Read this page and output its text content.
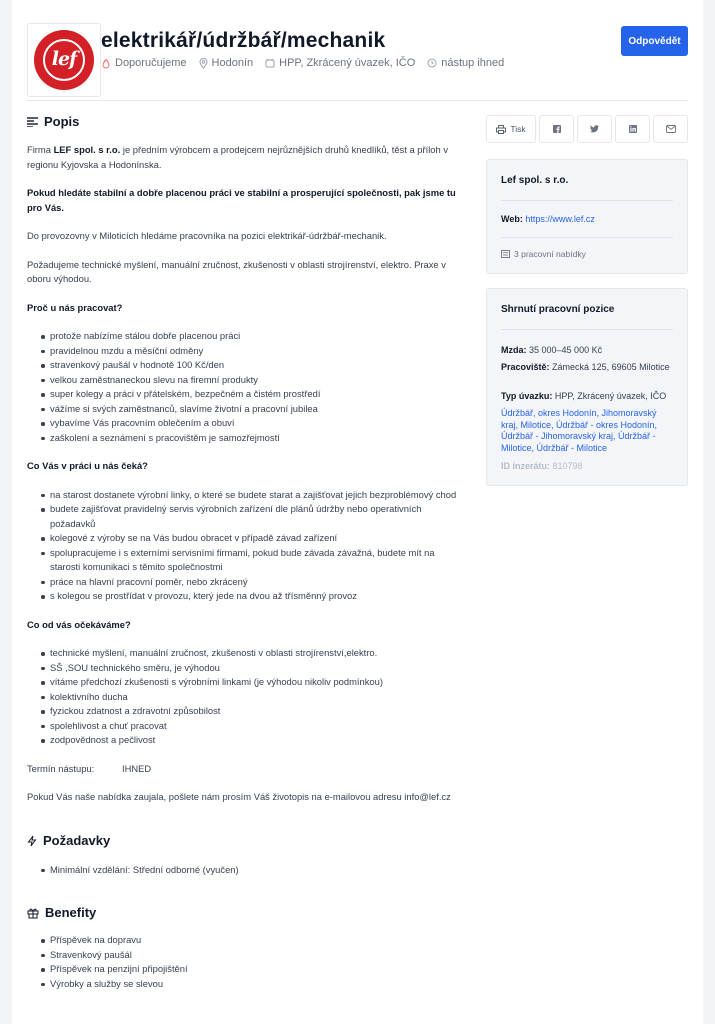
lef
elektrikář/údržbář/mechanik
Doporučujeme Hodonín HPP, Zkrácený úvazek, IČO nástup ihned
Odpovědět
Popis

Firma LEF spol. s r.o. je předním výrobcem a prodejcem nejrůznějších druhů knedlíků, těst a příloh v regionu Kyjovska a Hodonínska.

Pokud hledáte stabilní a dobře placenou práci ve stabilní a prosperující společnosti, pak jsme tu pro Vás.

Do provozovny v Miloticích hledáme pracovníka na pozici elektrikář-údržbář-mechanik.

Požadujeme technické myšlení, manuální zručnost, zkušenosti v oblasti strojírenství, elektro. Praxe v oboru výhodou.

Proč u nás pracovat?

protože nabízíme stálou dobře placenou práci
pravidelnou mzdu a měsíční odměny
stravenkový paušál v hodnotě 100 Kč/den
velkou zaměstnaneckou slevu na firemní produkty
super kolegy a práci v přátelském, bezpečném a čistém prostředí
vážíme si svých zaměstnanců, slavíme životní a pracovní jubilea
vybavíme Vás pracovním oblečením a obuví
zaškolení a seznámení s pracovištěm je samozřejmostí

Co Vás v práci u nás čeká?

na starost dostanete výrobní linky, o které se budete starat a zajišťovat jejich bezproblémový chod
budete zajišťovat pravidelný servis výrobních zařízení dle plánů údržby nebo operativních požadavků
kolegové z výroby se na Vás budou obracet v případě závad zařízení
spolupracujeme i s externími servisními firmami, pokud bude závada závažná, budete mít na starosti komunikaci s těmito společnostmi
práce na hlavní pracovní poměr, nebo zkrácený
s kolegou se prostřídat v provozu, který jede na dvou až třísměnný provoz

Co od vás očekáváme?

technické myšlení, manuální zručnost, zkušenosti v oblasti strojírenství,elektro.
SŠ ,SOU technického směru, je výhodou
vítáme předchozí zkušenosti s výrobními linkami (je výhodou nikoliv podmínkou)
kolektivního ducha
fyzickou zdatnost a zdravotní způsobilost
spolehlivost a chuť pracovat
zodpovědnost a pečlivost

Termín nástupu:	IHNED

Pokud Vás naše nabídka zaujala, pošlete nám prosím Váš životopis na e-mailovou adresu info@lef.cz

Požadavky
Minimální vzdělání: Střední odborné (vyučen)
Benefity
Příspěvek na dopravu
Stravenkový paušál
Příspěvek na penzijní připojištění
Výrobky a služby se slevou
Tisk
Lef spol. s r.o.
Web: https://www.lef.cz
3 pracovní nabídky
Shrnutí pracovní pozice
Mzda: 35 000–45 000 Kč
Pracoviště: Zámecká 125, 69605 Milotice
Typ úvazku: HPP, Zkrácený úvazek, IČO
Údržbář, okres Hodonín, Jihomoravský kraj, Milotice, Údržbář - okres Hodonín, Údržbář - Jihomoravský kraj, Údržbář - Milotice, Údržbář - Milotice
ID inzerátu: 810798
